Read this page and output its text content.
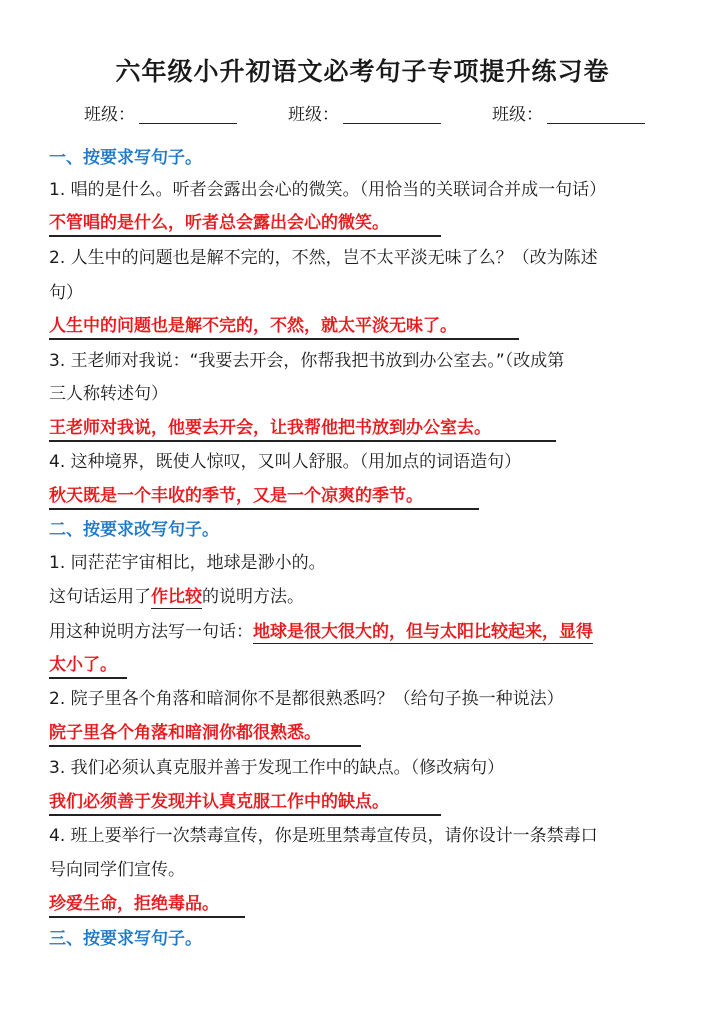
六年级小升初语文必考句子专项提升练习卷
班级：	班级：	班级：
一、按要求写句子。
1. 唱的是什么。听者会露出会心的微笑。（用恰当的关联词合并成一句话）
不管唱的是什么，听者总会露出会心的微笑。
2. 人生中的问题也是解不完的，不然，岂不太平淡无味了么？（改为陈述
句）
人生中的问题也是解不完的，不然，就太平淡无味了。
3. 王老师对我说：“我要去开会，你帮我把书放到办公室去。”（改成第
三人称转述句）
王老师对我说，他要去开会，让我帮他把书放到办公室去。
4. 这种境界，既使人惊叹，又叫人舒服。（用加点的词语造句）
秋天既是一个丰收的季节，又是一个凉爽的季节。
二、按要求改写句子。
1. 同茫茫宇宙相比，地球是渺小的。
这句话运用了作比较的说明方法。
用这种说明方法写一句话：地球是很大很大的，但与太阳比较起来，显得
太小了。
2. 院子里各个角落和暗洞你不是都很熟悉吗？（给句子换一种说法）
院子里各个角落和暗洞你都很熟悉。
3. 我们必须认真克服并善于发现工作中的缺点。（修改病句）
我们必须善于发现并认真克服工作中的缺点。
4. 班上要举行一次禁毒宣传，你是班里禁毒宣传员，请你设计一条禁毒口
号向同学们宣传。
珍爱生命，拒绝毒品。
三、按要求写句子。
